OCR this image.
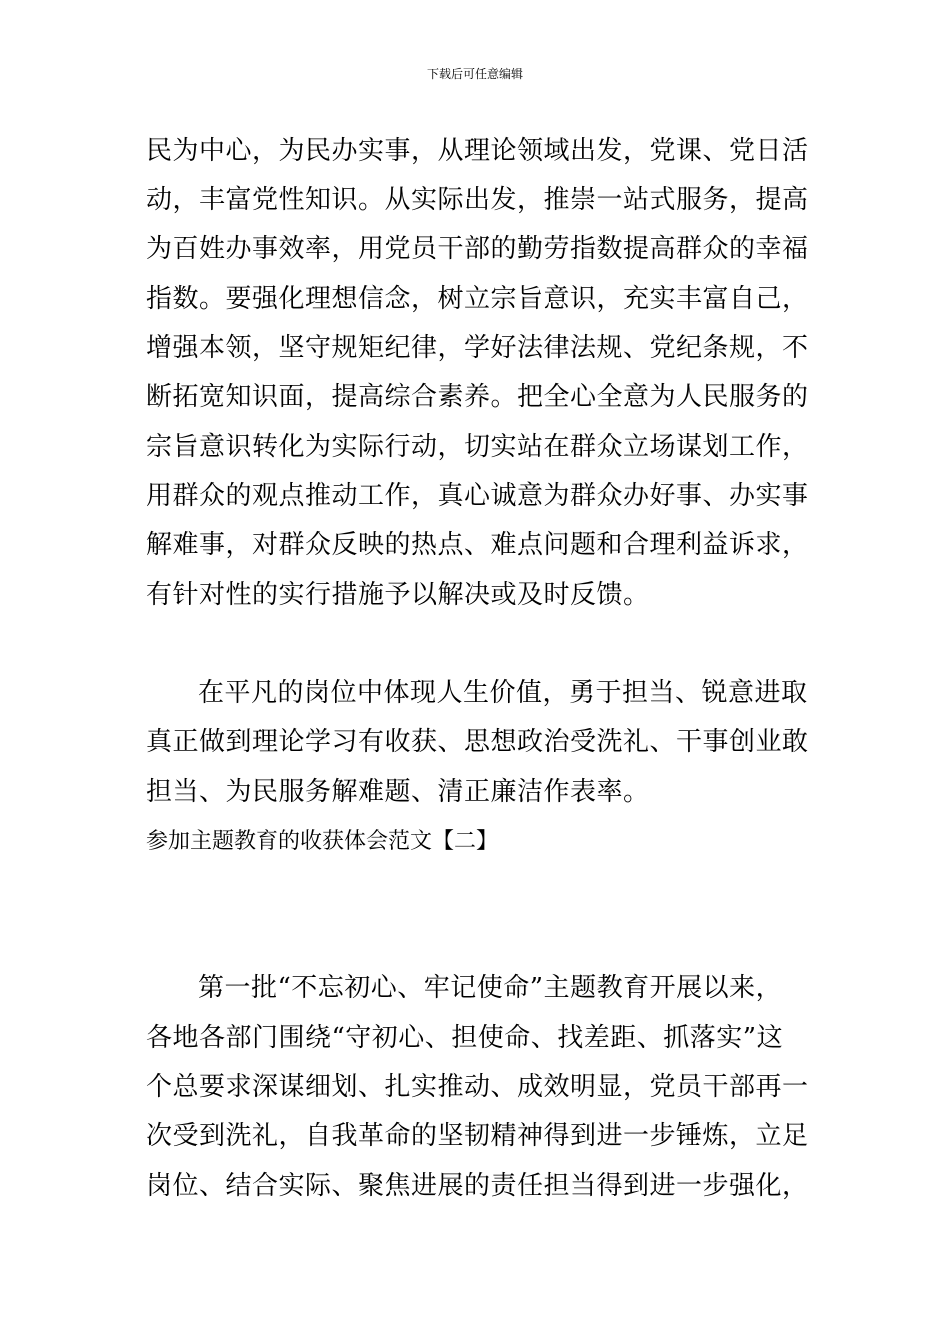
下载后可任意编辑
民为中心，为民办实事，从理论领域出发，党课、党日活
动，丰富党性知识。从实际出发，推崇一站式服务，提高
为百姓办事效率，用党员干部的勤劳指数提高群众的幸福
指数。要强化理想信念，树立宗旨意识，充实丰富自己，
增强本领，坚守规矩纪律，学好法律法规、党纪条规，不
断拓宽知识面，提高综合素养。把全心全意为人民服务的
宗旨意识转化为实际行动，切实站在群众立场谋划工作，
用群众的观点推动工作，真心诚意为群众办好事、办实事
解难事，对群众反映的热点、难点问题和合理利益诉求，
有针对性的实行措施予以解决或及时反馈。
在平凡的岗位中体现人生价值，勇于担当、锐意进取
真正做到理论学习有收获、思想政治受洗礼、干事创业敢
担当、为民服务解难题、清正廉洁作表率。
参加主题教育的收获体会范文【二】
第一批“不忘初心、牢记使命”主题教育开展以来，
各地各部门围绕“守初心、担使命、找差距、抓落实”这
个总要求深谋细划、扎实推动、成效明显，党员干部再一
次受到洗礼，自我革命的坚韧精神得到进一步锤炼，立足
岗位、结合实际、聚焦进展的责任担当得到进一步强化，
